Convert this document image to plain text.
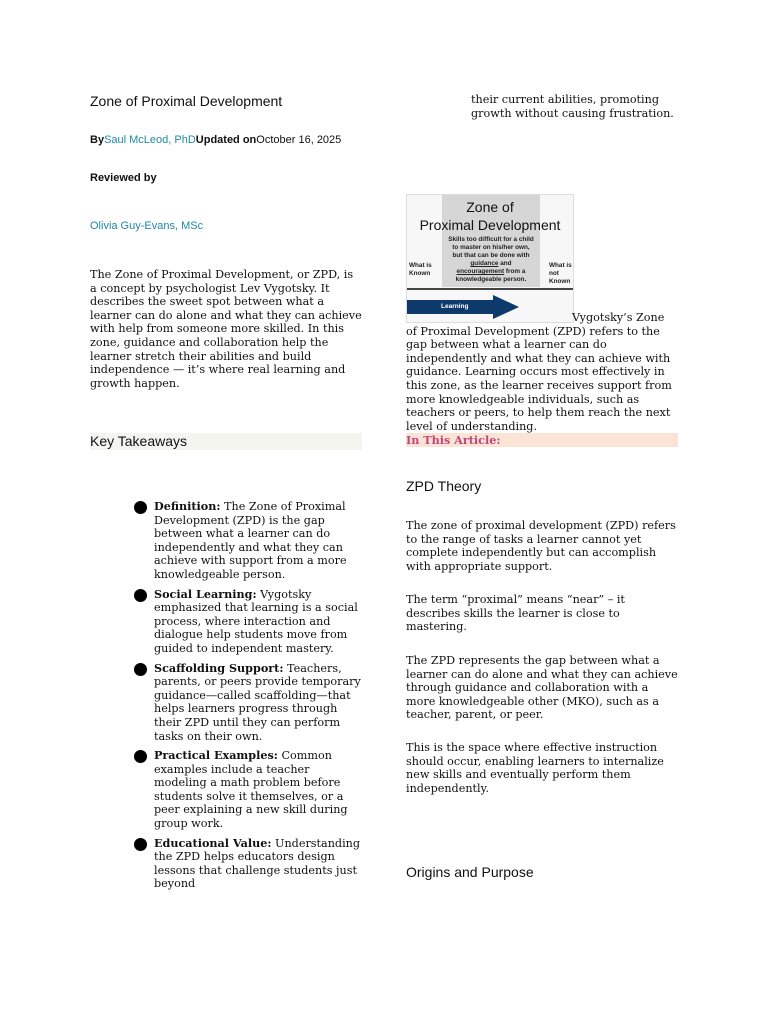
Zone of Proximal Development
BySaul McLeod, PhDUpdated onOctober 16, 2025
Reviewed by
Olivia Guy-Evans, MSc
The Zone of Proximal Development, or ZPD, is a concept by psychologist Lev Vygotsky. It describes the sweet spot between what a learner can do alone and what they can achieve with help from someone more skilled. In this zone, guidance and collaboration help the learner stretch their abilities and build independence — it’s where real learning and growth happen.
Key Takeaways
Definition: The Zone of Proximal Development (ZPD) is the gap between what a learner can do independently and what they can achieve with support from a more knowledgeable person.
Social Learning: Vygotsky emphasized that learning is a social process, where interaction and dialogue help students move from guided to independent mastery.
Scaffolding Support: Teachers, parents, or peers provide temporary guidance—called scaffolding—that helps learners progress through their ZPD until they can perform tasks on their own.
Practical Examples: Common examples include a teacher modeling a math problem before students solve it themselves, or a peer explaining a new skill during group work.
Educational Value: Understanding the ZPD helps educators design lessons that challenge students just beyond
their current abilities, promoting growth without causing frustration.
Zone of
Proximal Development
Skills too difficult for a child to master on his/her own, but that can be done with guidance and encouragement from a knowledgeable person.
What is Known
What is not Known
Learning
Vygotsky’s Zone of Proximal Development (ZPD) refers to the gap between what a learner can do independently and what they can achieve with guidance. Learning occurs most effectively in this zone, as the learner receives support from more knowledgeable individuals, such as teachers or peers, to help them reach the next level of understanding.
In This Article:
ZPD Theory
The zone of proximal development (ZPD) refers to the range of tasks a learner cannot yet complete independently but can accomplish with appropriate support.
The term “proximal” means “near” – it describes skills the learner is close to mastering.
The ZPD represents the gap between what a learner can do alone and what they can achieve through guidance and collaboration with a more knowledgeable other (MKO), such as a teacher, parent, or peer.
This is the space where effective instruction should occur, enabling learners to internalize new skills and eventually perform them independently.
Origins and Purpose
